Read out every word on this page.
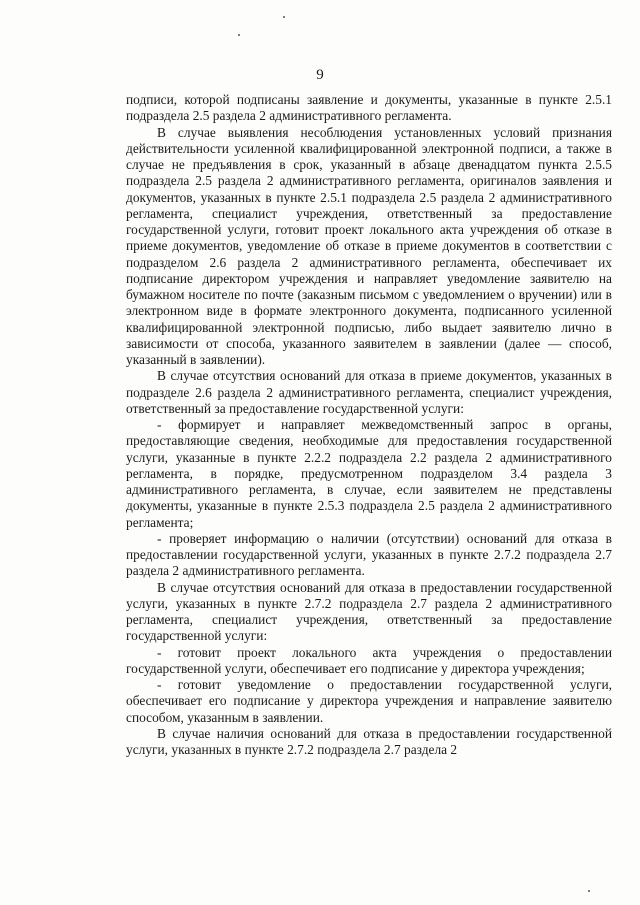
9

подписи, которой подписаны заявление и документы, указанные в пункте 2.5.1 подраздела 2.5 раздела 2 административного регламента.

В случае выявления несоблюдения установленных условий признания действительности усиленной квалифицированной электронной подписи, а также в случае не предъявления в срок, указанный в абзаце двенадцатом пункта 2.5.5 подраздела 2.5 раздела 2 административного регламента, оригиналов заявления и документов, указанных в пункте 2.5.1 подраздела 2.5 раздела 2 административного регламента, специалист учреждения, ответственный за предоставление государственной услуги, готовит проект локального акта учреждения об отказе в приеме документов, уведомление об отказе в приеме документов в соответствии с подразделом 2.6 раздела 2 административного регламента, обеспечивает их подписание директором учреждения и направляет уведомление заявителю на бумажном носителе по почте (заказным письмом с уведомлением о вручении) или в электронном виде в формате электронного документа, подписанного усиленной квалифицированной электронной подписью, либо выдает заявителю лично в зависимости от способа, указанного заявителем в заявлении (далее — способ, указанный в заявлении).

В случае отсутствия оснований для отказа в приеме документов, указанных в подразделе 2.6 раздела 2 административного регламента, специалист учреждения, ответственный за предоставление государственной услуги:

- формирует и направляет межведомственный запрос в органы, предоставляющие сведения, необходимые для предоставления государственной услуги, указанные в пункте 2.2.2 подраздела 2.2 раздела 2 административного регламента, в порядке, предусмотренном подразделом 3.4 раздела 3 административного регламента, в случае, если заявителем не представлены документы, указанные в пункте 2.5.3 подраздела 2.5 раздела 2 административного регламента;

- проверяет информацию о наличии (отсутствии) оснований для отказа в предоставлении государственной услуги, указанных в пункте 2.7.2 подраздела 2.7 раздела 2 административного регламента.

В случае отсутствия оснований для отказа в предоставлении государственной услуги, указанных в пункте 2.7.2 подраздела 2.7 раздела 2 административного регламента, специалист учреждения, ответственный за предоставление государственной услуги:

- готовит проект локального акта учреждения о предоставлении государственной услуги, обеспечивает его подписание у директора учреждения;

- готовит уведомление о предоставлении государственной услуги, обеспечивает его подписание у директора учреждения и направление заявителю способом, указанным в заявлении.

В случае наличия оснований для отказа в предоставлении государственной услуги, указанных в пункте 2.7.2 подраздела 2.7 раздела 2
